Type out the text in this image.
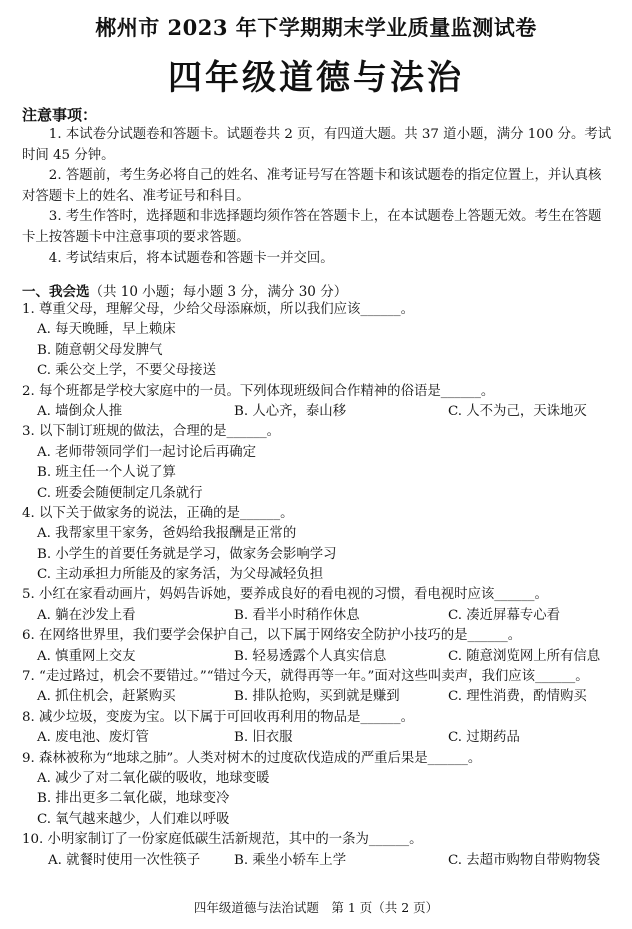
郴州市 2023 年下学期期末学业质量监测试卷
四年级道德与法治
注意事项：

1. 本试卷分试题卷和答题卡。试题卷共 2 页，有四道大题。共 37 道小题，满分 100 分。考试时间 45 分钟。

2. 答题前，考生务必将自己的姓名、准考证号写在答题卡和该试题卷的指定位置上，并认真核对答题卡上的姓名、准考证号和科目。

3. 考生作答时，选择题和非选择题均须作答在答题卡上，在本试题卷上答题无效。考生在答题卡上按答题卡中注意事项的要求答题。

4. 考试结束后，将本试题卷和答题卡一并交回。

一、我会选（共 10 小题；每小题 3 分，满分 30 分）
1. 尊重父母，理解父母，少给父母添麻烦，所以我们应该______。
A. 每天晚睡，早上赖床
B. 随意朝父母发脾气
C. 乘公交上学，不要父母接送
2. 每个班都是学校大家庭中的一员。下列体现班级间合作精神的俗语是______。
A. 墙倒众人推	B. 人心齐，泰山移	C. 人不为己，天诛地灭
3. 以下制订班规的做法，合理的是______。
A. 老师带领同学们一起讨论后再确定
B. 班主任一个人说了算
C. 班委会随便制定几条就行
4. 以下关于做家务的说法，正确的是______。
A. 我帮家里干家务，爸妈给我报酬是正常的
B. 小学生的首要任务就是学习，做家务会影响学习
C. 主动承担力所能及的家务活，为父母减轻负担
5. 小红在家看动画片，妈妈告诉她，要养成良好的看电视的习惯，看电视时应该______。
A. 躺在沙发上看	B. 看半小时稍作休息	C. 凑近屏幕专心看
6. 在网络世界里，我们要学会保护自己，以下属于网络安全防护小技巧的是______。
A. 慎重网上交友	B. 轻易透露个人真实信息	C. 随意浏览网上所有信息
7. “走过路过，机会不要错过。”“错过今天，就得再等一年。”面对这些叫卖声，我们应该______。
A. 抓住机会，赶紧购买	B. 排队抢购，买到就是赚到	C. 理性消费，酌情购买
8. 减少垃圾，变废为宝。以下属于可回收再利用的物品是______。
A. 废电池、废灯管	B. 旧衣服	C. 过期药品
9. 森林被称为“地球之肺”。人类对树木的过度砍伐造成的严重后果是______。
A. 减少了对二氧化碳的吸收，地球变暖
B. 排出更多二氧化碳，地球变冷
C. 氧气越来越少，人们难以呼吸
10. 小明家制订了一份家庭低碳生活新规范，其中的一条为______。
A. 就餐时使用一次性筷子	B. 乘坐小轿车上学	C. 去超市购物自带购物袋
四年级道德与法治试题　第 1 页（共 2 页）
